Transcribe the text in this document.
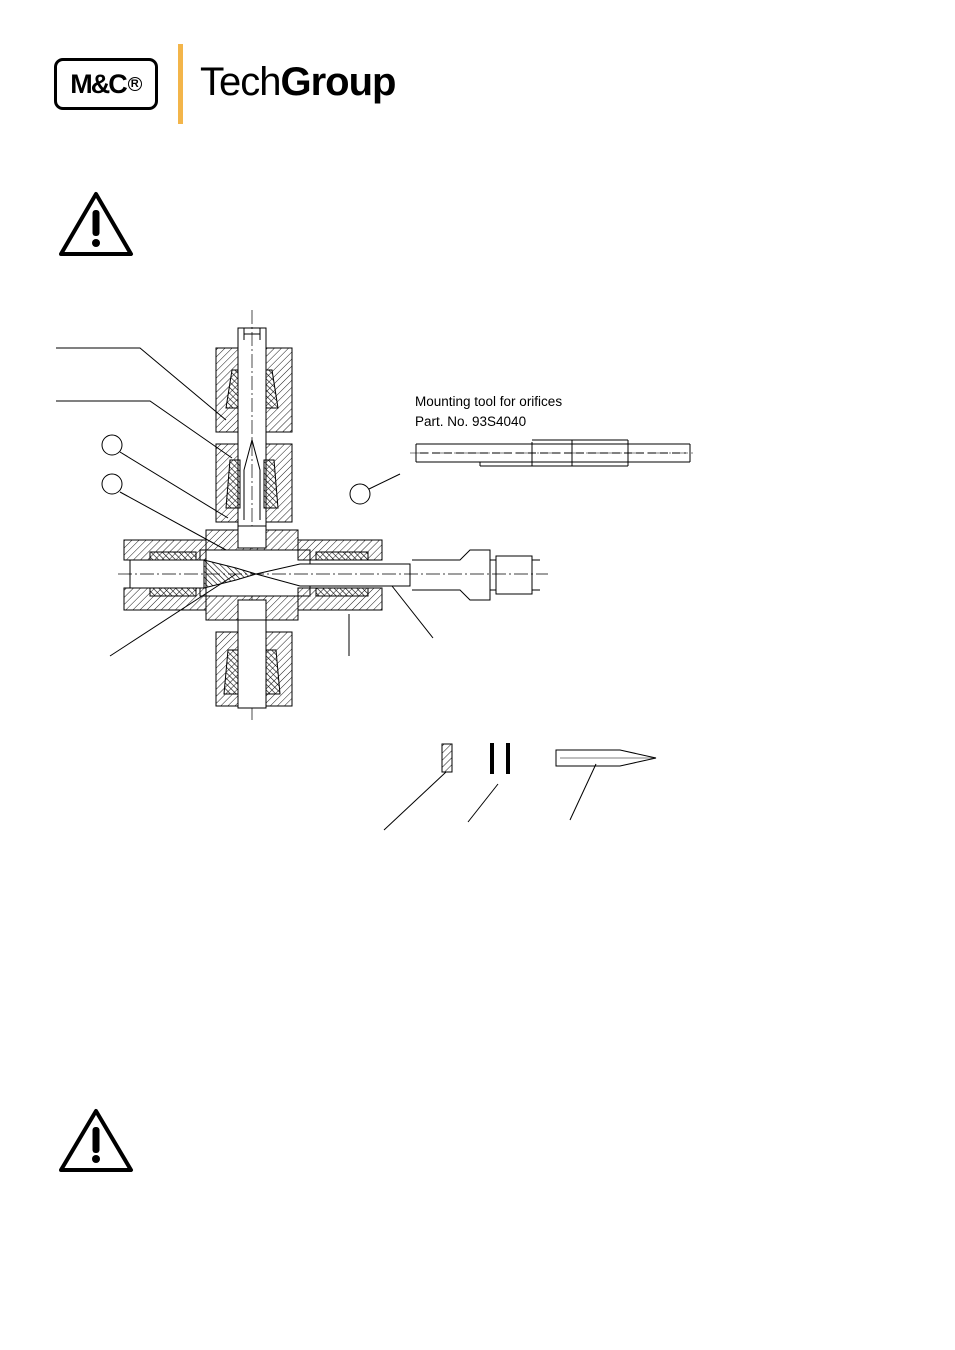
M&C R TechGroup
Mounting tool for orifices
Part. No. 93S4040
